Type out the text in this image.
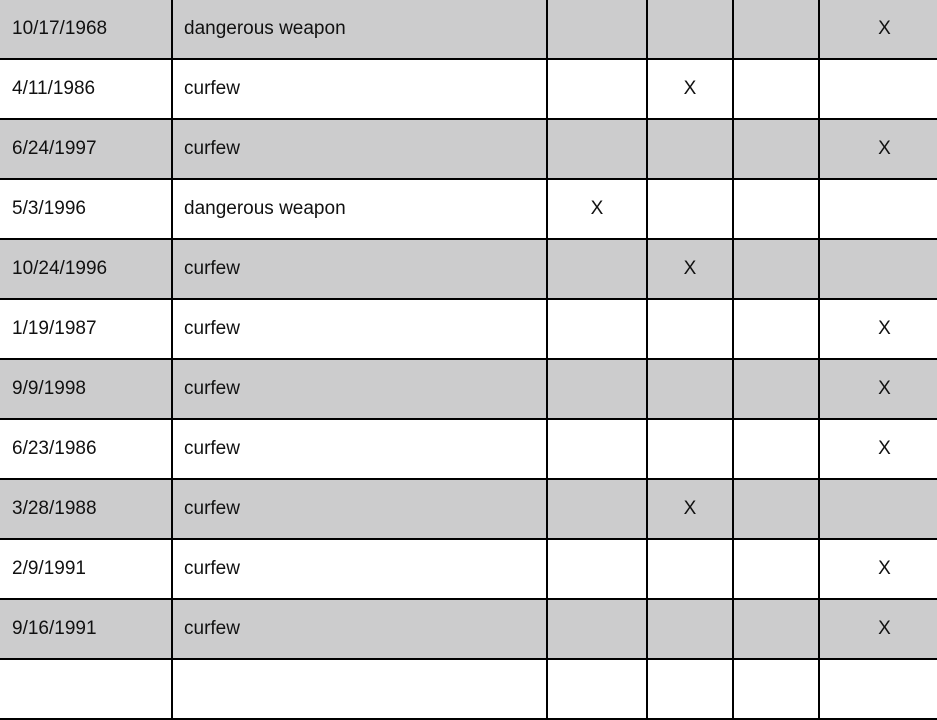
10/17/1968	dangerous weapon				X
4/11/1986	curfew		X		
6/24/1997	curfew				X
5/3/1996	dangerous weapon	X			
10/24/1996	curfew		X		
1/19/1987	curfew				X
9/9/1998	curfew				X
6/23/1986	curfew				X
3/28/1988	curfew		X		
2/9/1991	curfew				X
9/16/1991	curfew				X
